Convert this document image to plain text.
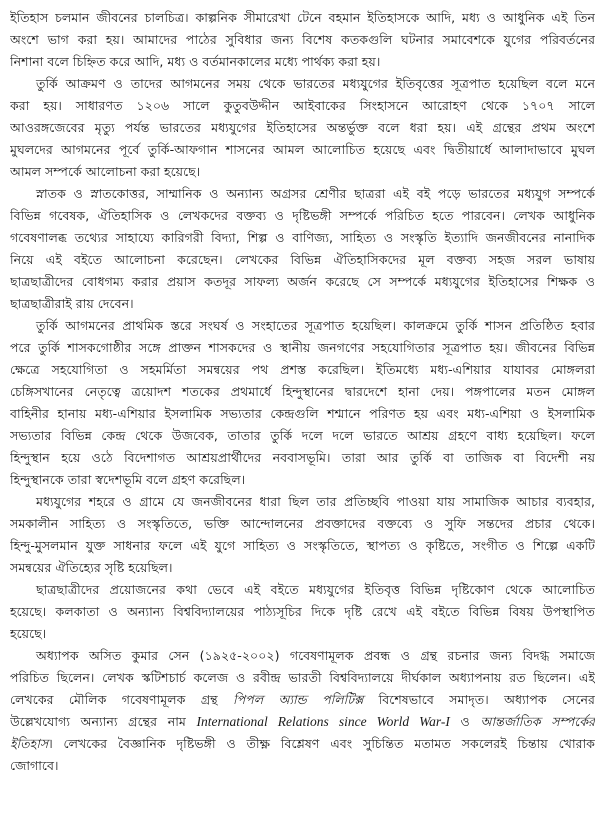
ইতিহাস চলমান জীবনের চালচিত্র। কাল্পনিক সীমারেখা টেনে বহমান ইতিহাসকে আদি, মধ্য ও আধুনিক এই তিন
অংশে ভাগ করা হয়। আমাদের পাঠের সুবিধার জন্য বিশেষ কতকগুলি ঘটনার সমাবেশকে যুগের পরিবর্তনের
নিশানা বলে চিহ্নিত করে আদি, মধ্য ও বর্তমানকালের মধ্যে পার্থক্য করা হয়।
তুর্কি আক্রমণ ও তাদের আগমনের সময় থেকে ভারতের মধ্যযুগের ইতিবৃত্তের সূত্রপাত হয়েছিল বলে মনে
করা হয়। সাধারণত ১২০৬ সালে কুতুবউদ্দীন আইবাকের সিংহাসনে আরোহণ থেকে ১৭০৭ সালে
আওরঙ্গজেবের মৃত্যু পর্যন্ত ভারতের মধ্যযুগের ইতিহাসের অন্তর্ভুক্ত বলে ধরা হয়। এই গ্রন্থের প্রথম অংশে
মুঘলদের আগমনের পূর্বে তুর্কি-আফগান শাসনের আমল আলোচিত হয়েছে এবং দ্বিতীয়ার্ধে আলাদাভাবে মুঘল
আমল সম্পর্কে আলোচনা করা হয়েছে।
স্নাতক ও স্নাতকোত্তর, সাম্মানিক ও অন্যান্য অগ্রসর শ্রেণীর ছাত্ররা এই বই পড়ে ভারতের মধ্যযুগ সম্পর্কে
বিভিন্ন গবেষক, ঐতিহাসিক ও লেখকদের বক্তব্য ও দৃষ্টিভঙ্গী সম্পর্কে পরিচিত হতে পারবেন। লেখক আধুনিক
গবেষণালব্ধ তথ্যের সাহায্যে কারিগরী বিদ্যা, শিল্প ও বাণিজ্য, সাহিত্য ও সংস্কৃতি ইত্যাদি জনজীবনের নানাদিক
নিয়ে এই বইতে আলোচনা করেছেন। লেখকের বিভিন্ন ঐতিহাসিকদের মূল বক্তব্য সহজ সরল ভাষায়
ছাত্রছাত্রীদের বোধগম্য করার প্রয়াস কতদূর সাফল্য অর্জন করেছে সে সম্পর্কে মধ্যযুগের ইতিহাসের শিক্ষক ও
ছাত্রছাত্রীরাই রায় দেবেন।
তুর্কি আগমনের প্রাথমিক স্তরে সংঘর্ষ ও সংহাতের সূত্রপাত হয়েছিল। কালক্রমে তুর্কি শাসন প্রতিষ্ঠিত হবার
পরে তুর্কি শাসকগোষ্ঠীর সঙ্গে প্রাক্তন শাসকদের ও স্থানীয় জনগণের সহযোগিতার সূত্রপাত হয়। জীবনের বিভিন্ন
ক্ষেত্রে সহযোগিতা ও সহমর্মিতা সমন্বয়ের পথ প্রশস্ত করেছিল। ইতিমধ্যে মধ্য-এশিয়ার যাযাবর মোঙ্গলরা
চেঙ্গিসখানের নেতৃত্বে ত্রয়োদশ শতকের প্রথমার্ধে হিন্দুস্থানের দ্বারদেশে হানা দেয়। পঙ্গপালের মতন মোঙ্গল
বাহিনীর হানায় মধ্য-এশিয়ার ইসলামিক সভ্যতার কেন্দ্রগুলি শশ্মানে পরিণত হয় এবং মধ্য-এশিয়া ও ইসলামিক
সভ্যতার বিভিন্ন কেন্দ্র থেকে উজবেক, তাতার তুর্কি দলে দলে ভারতে আশ্রয় গ্রহণে বাধ্য হয়েছিল। ফলে
হিন্দুস্থান হয়ে ওঠে বিদেশাগত আশ্রয়প্রার্থীদের নববাসভূমি। তারা আর তুর্কি বা তাজিক বা বিদেশী নয়
হিন্দুস্থানকে তারা স্বদেশভূমি বলে গ্রহণ করেছিল।
মধ্যযুগের শহরে ও গ্রামে যে জনজীবনের ধারা ছিল তার প্রতিচ্ছবি পাওয়া যায় সামাজিক আচার ব্যবহার,
সমকালীন সাহিত্য ও সংস্কৃতিতে, ভক্তি আন্দোলনের প্রবক্তাদের বক্তব্যে ও সুফি সন্তদের প্রচার থেকে।
হিন্দু-মুসলমান যুক্ত সাধনার ফলে এই যুগে সাহিত্য ও সংস্কৃতিতে, স্থাপত্য ও কৃষ্টিতে, সংগীত ও শিল্পে একটি
সমন্বয়ের ঐতিহ্যের সৃষ্টি হয়েছিল।
ছাত্রছাত্রীদের প্রয়োজনের কথা ভেবে এই বইতে মধ্যযুগের ইতিবৃত্ত বিভিন্ন দৃষ্টিকোণ থেকে আলোচিত
হয়েছে। কলকাতা ও অন্যান্য বিশ্ববিদ্যালয়ের পাঠ্যসূচির দিকে দৃষ্টি রেখে এই বইতে বিভিন্ন বিষয় উপস্থাপিত
হয়েছে।
অধ্যাপক অসিত কুমার সেন (১৯২৫-২০০২) গবেষণামূলক প্রবন্ধ ও গ্রন্থ রচনার জন্য বিদগ্ধ সমাজে
পরিচিত ছিলেন। লেখক স্কটিশচার্চ কলেজ ও রবীন্দ্র ভারতী বিশ্ববিদ্যালয়ে দীর্ঘকাল অধ্যাপনায় রত ছিলেন। এই
লেখকের মৌলিক গবেষণামূলক গ্রন্থ পিপল অ্যান্ড পলিটিক্স বিশেষভাবে সমাদৃত। অধ্যাপক সেনের
উল্লেখযোগ্য অন্যান্য গ্রন্থের নাম International Relations since World War-I ও আন্তর্জাতিক সম্পর্কের
ইতিহাস। লেখকের বৈজ্ঞানিক দৃষ্টিভঙ্গী ও তীক্ষ্ণ বিশ্লেষণ এবং সুচিন্তিত মতামত সকলেরই চিন্তায় খোরাক
জোগাবে।
